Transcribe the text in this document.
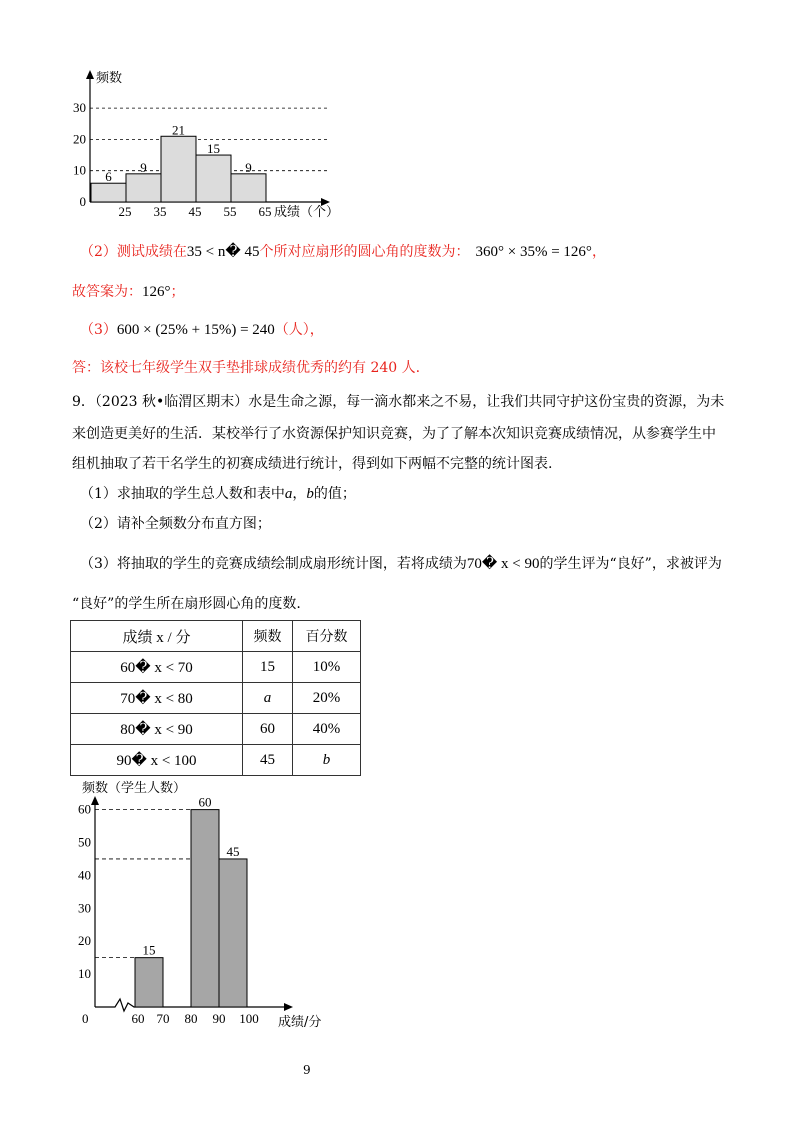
频数
成绩（个）
6
9
21
15
9
0
10
20
30
25 35 45 55 65
（2）测试成绩在35 < n� 45个所对应扇形的圆心角的度数为： 360° × 35% = 126°，
故答案为：126°；
（3）600 × (25% + 15%) = 240（人），
答：该校七年级学生双手垫排球成绩优秀的约有 240 人.
9．（2023 秋•临渭区期末）水是生命之源，每一滴水都来之不易，让我们共同守护这份宝贵的资源，为未
来创造更美好的生活．某校举行了水资源保护知识竞赛，为了了解本次知识竞赛成绩情况，从参赛学生中
组机抽取了若干名学生的初赛成绩进行统计，得到如下两幅不完整的统计图表.
（1）求抽取的学生总人数和表中a，b的值；
（2）请补全频数分布直方图；
（3）将抽取的学生的竞赛成绩绘制成扇形统计图，若将成绩为70� x < 90的学生评为“良好”，求被评为
“良好”的学生所在扇形圆心角的度数.
成绩 x / 分	频数	百分数
60� x < 70	15	10%
70� x < 80	a	20%
80� x < 90	60	40%
90� x < 100	45	b
频数（学生人数）
成绩/分
0
15
60
45
10
20
30
40
50
60
60 70 80 90 100
9
